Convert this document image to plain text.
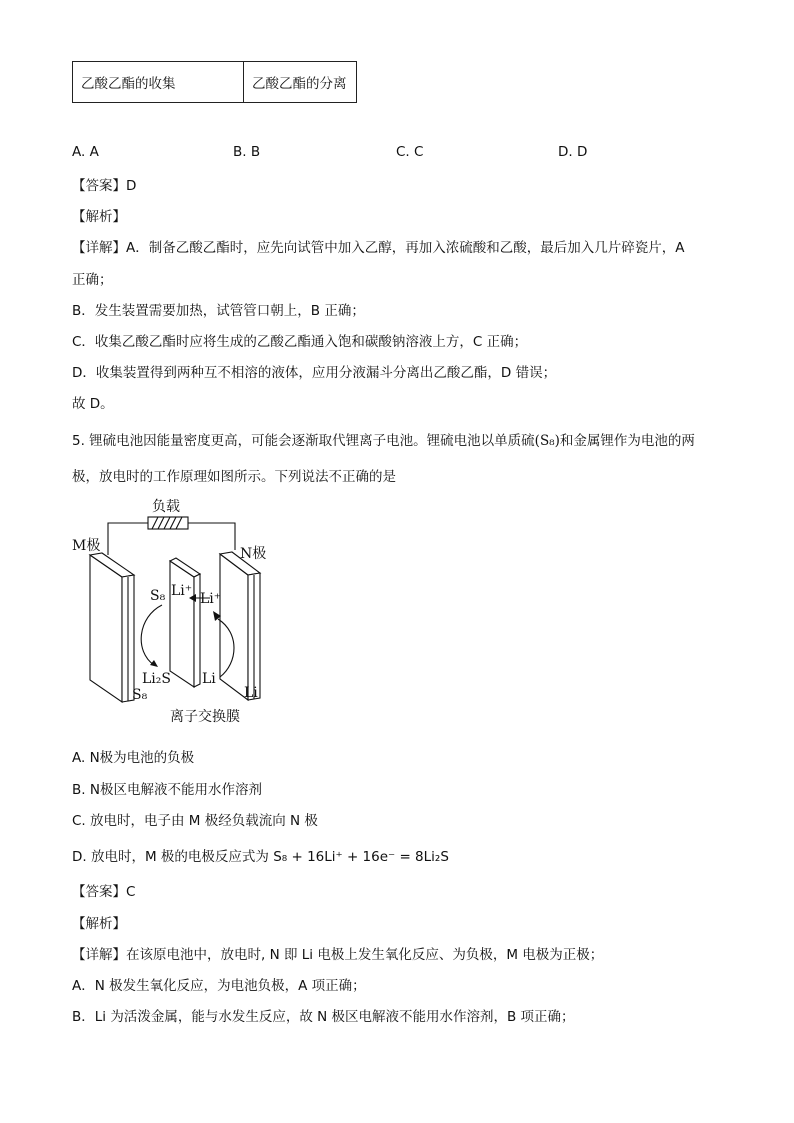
乙酸乙酯的收集	乙酸乙酯的分离
A. A	B. B	C. C	D. D
【答案】D
【解析】
【详解】A．制备乙酸乙酯时，应先向试管中加入乙醇，再加入浓硫酸和乙酸，最后加入几片碎瓷片，A
正确；
B．发生装置需要加热，试管管口朝上，B 正确；
C．收集乙酸乙酯时应将生成的乙酸乙酯通入饱和碳酸钠溶液上方，C 正确；
D．收集装置得到两种互不相溶的液体，应用分液漏斗分离出乙酸乙酯，D 错误；
故 D。
5. 锂硫电池因能量密度更高，可能会逐渐取代锂离子电池。锂硫电池以单质硫(S₈)和金属锂作为电池的两
极，放电时的工作原理如图所示。下列说法不正确的是
负载
M极	N极
S₈ Li⁺ Li⁺
Li₂S Li
Li
S₈
离子交换膜
A. N极为电池的负极
B. N极区电解液不能用水作溶剂
C. 放电时，电子由 M 极经负载流向 N 极
D. 放电时，M 极的电极反应式为 S₈ + 16Li⁺ + 16e⁻ = 8Li₂S
【答案】C
【解析】
【详解】在该原电池中，放电时, N 即 Li 电极上发生氧化反应、为负极，M 电极为正极；
A．N 极发生氧化反应，为电池负极，A 项正确；
B．Li 为活泼金属，能与水发生反应，故 N 极区电解液不能用水作溶剂，B 项正确；
